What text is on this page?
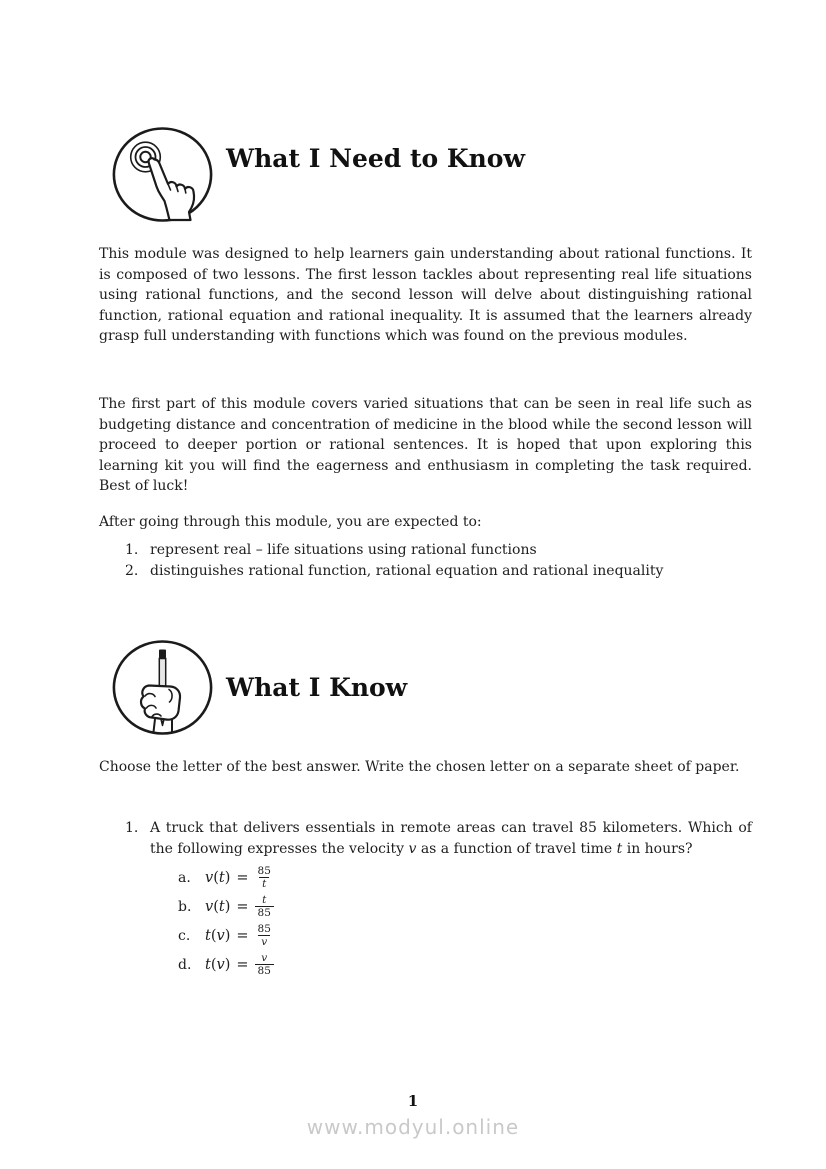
What I Need to Know

This module was designed to help learners gain understanding about rational functions. It is composed of two lessons. The first lesson tackles about representing real life situations using rational functions, and the second lesson will delve about distinguishing rational function, rational equation and rational inequality. It is assumed that the learners already grasp full understanding with functions which was found on the previous modules.

The first part of this module covers varied situations that can be seen in real life such as budgeting distance and concentration of medicine in the blood while the second lesson will proceed to deeper portion or rational sentences. It is hoped that upon exploring this learning kit you will find the eagerness and enthusiasm in completing the task required. Best of luck!

After going through this module, you are expected to:

1. represent real – life situations using rational functions
2. distinguishes rational function, rational equation and rational inequality
What I Know

Choose the letter of the best answer. Write the chosen letter on a separate sheet of paper.

1. A truck that delivers essentials in remote areas can travel 85 kilometers. Which of the following expresses the velocity v as a function of travel time t in hours?
a. v ( t ) = $\frac{85}{t}$
b. v ( t ) = $\frac{t}{85}$
c.	t ( v ) = $\frac{85}{v}$
d. t ( v ) = $\frac{v}{85}$
1
www.modyul.online
